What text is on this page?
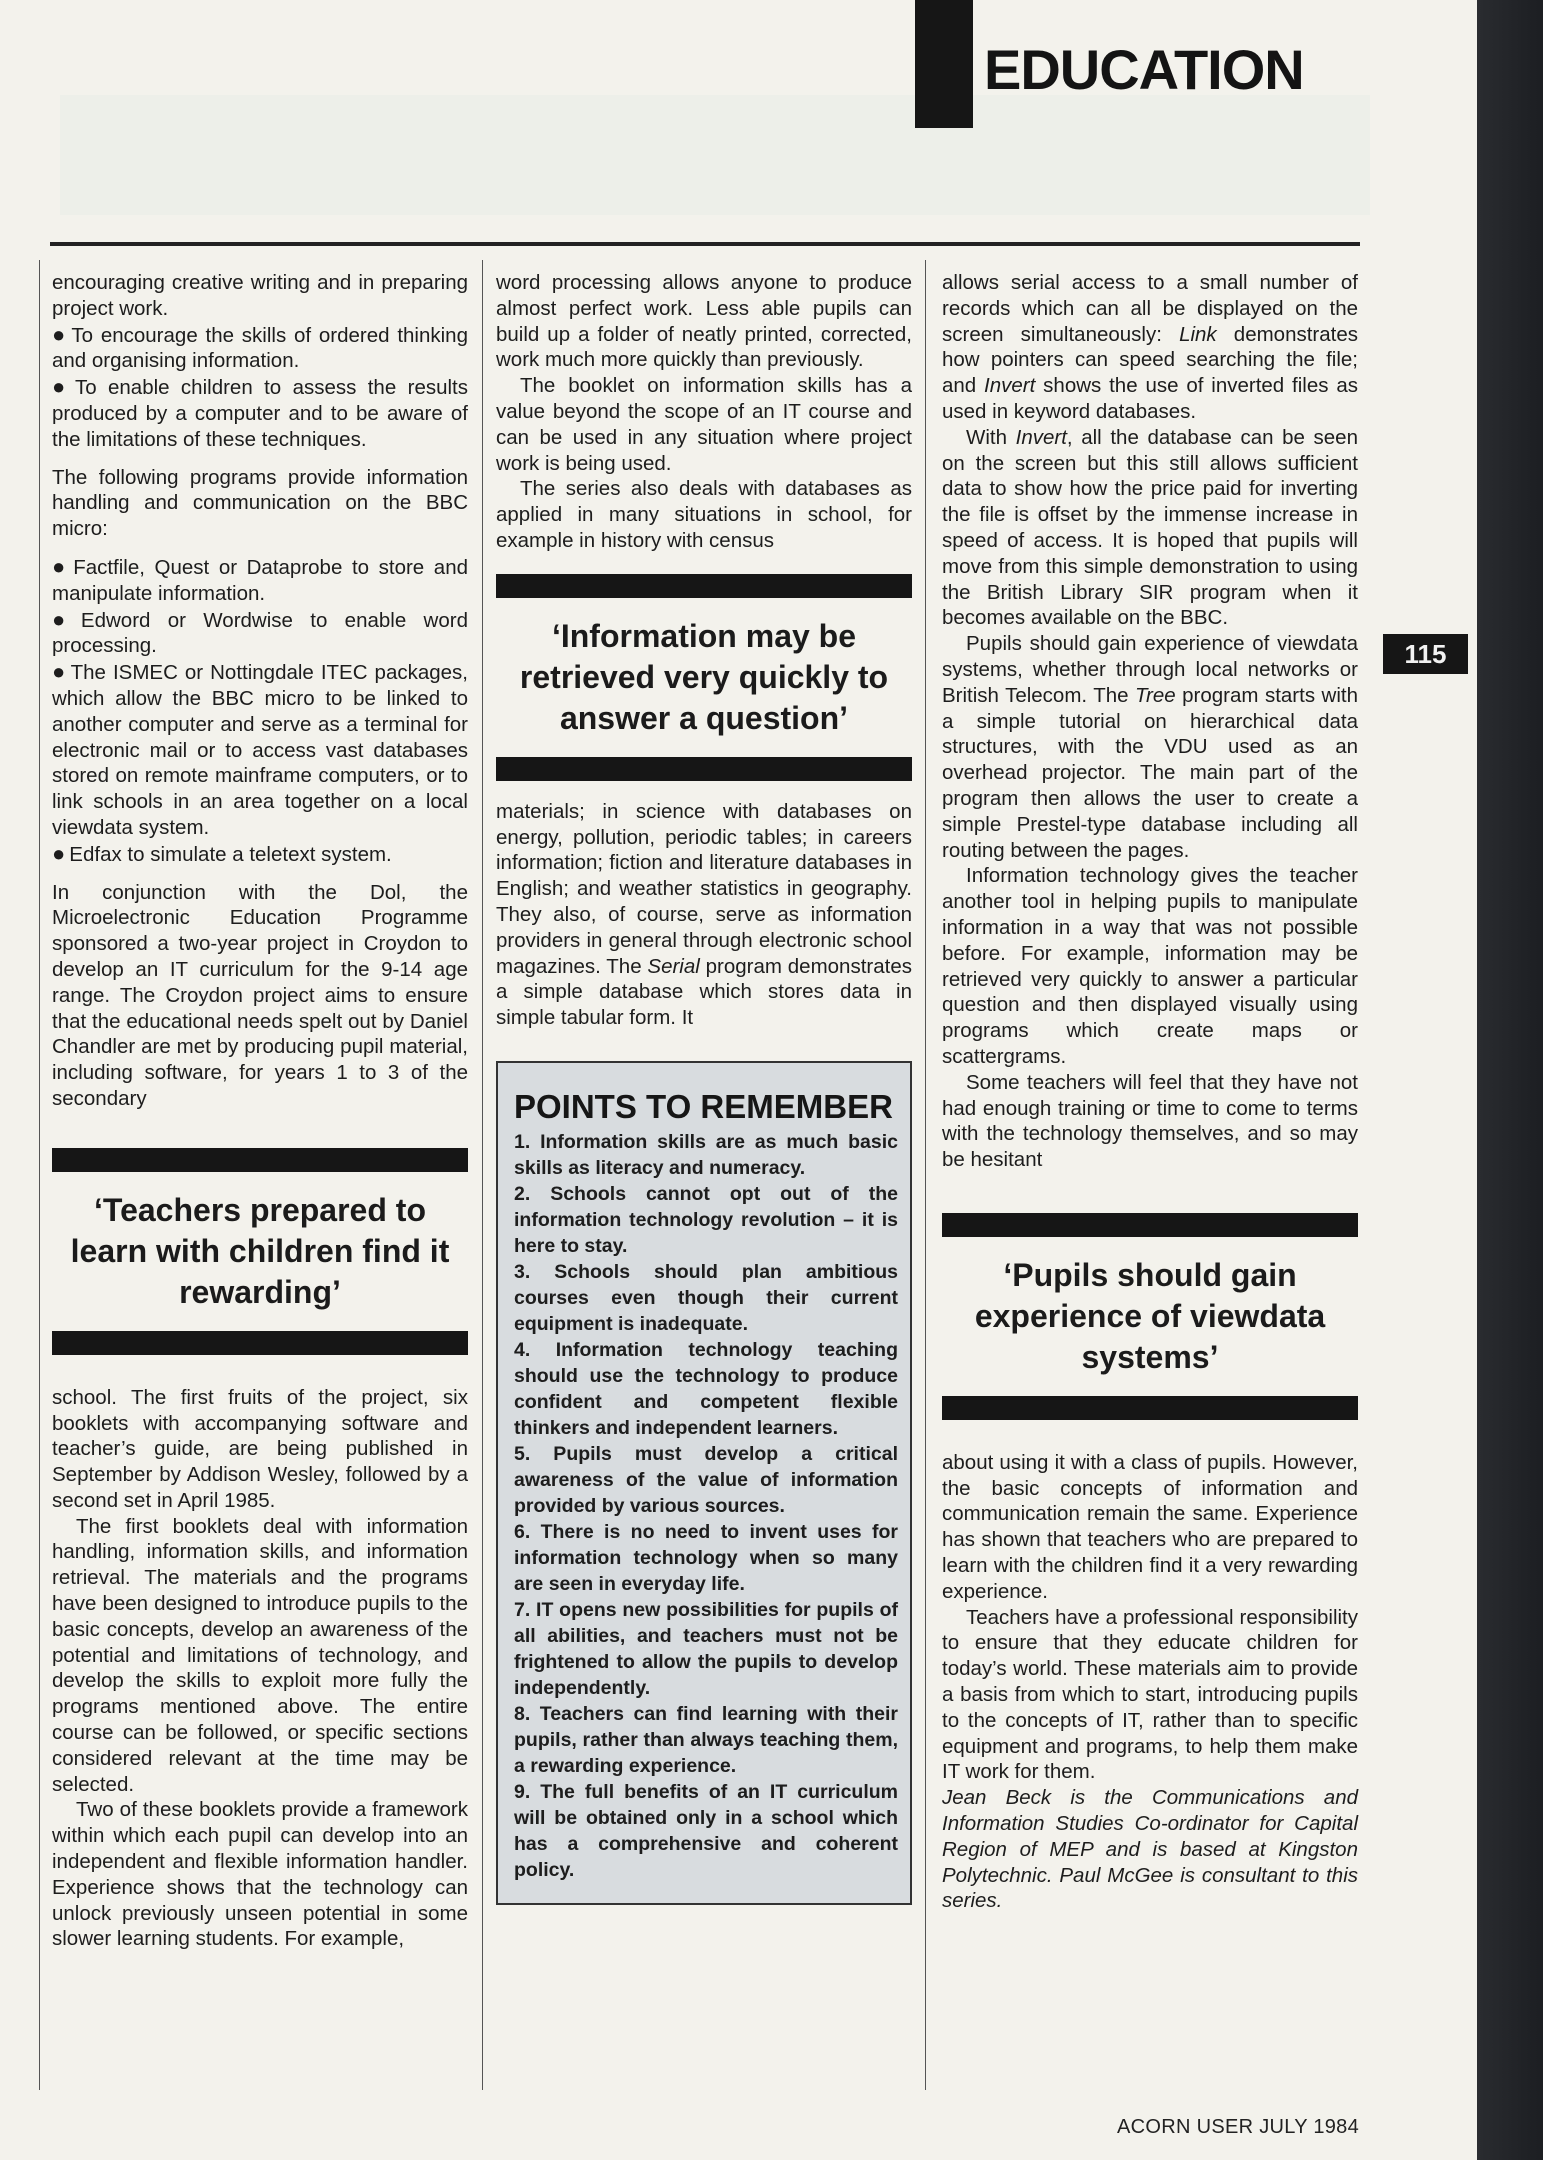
EDUCATION

encouraging creative writing and in preparing project work.

● To encourage the skills of ordered thinking and organising information.

● To enable children to assess the results produced by a computer and to be aware of the limitations of these techniques.

The following programs provide information handling and communication on the BBC micro:

● Factfile, Quest or Dataprobe to store and manipulate information.

● Edword or Wordwise to enable word processing.

● The ISMEC or Nottingdale ITEC packages, which allow the BBC micro to be linked to another computer and serve as a terminal for electronic mail or to access vast databases stored on remote mainframe computers, or to link schools in an area together on a local viewdata system.

● Edfax to simulate a teletext system.

In conjunction with the Dol, the Microelectronic Education Programme sponsored a two-year project in Croydon to develop an IT curriculum for the 9-14 age range. The Croydon project aims to ensure that the educational needs spelt out by Daniel Chandler are met by producing pupil material, including software, for years 1 to 3 of the secondary

‘Teachers prepared to learn with children find it rewarding’

school. The first fruits of the project, six booklets with accompanying software and teacher’s guide, are being published in September by Addison Wesley, followed by a second set in April 1985.

The first booklets deal with information handling, information skills, and information retrieval. The materials and the programs have been designed to introduce pupils to the basic concepts, develop an awareness of the potential and limitations of technology, and develop the skills to exploit more fully the programs mentioned above. The entire course can be followed, or specific sections considered relevant at the time may be selected.

Two of these booklets provide a framework within which each pupil can develop into an independent and flexible information handler. Experience shows that the technology can unlock previously unseen potential in some slower learning students. For example,

word processing allows anyone to produce almost perfect work. Less able pupils can build up a folder of neatly printed, corrected, work much more quickly than previously.

The booklet on information skills has a value beyond the scope of an IT course and can be used in any situation where project work is being used.

The series also deals with databases as applied in many situations in school, for example in history with census

‘Information may be retrieved very quickly to answer a question’

materials; in science with databases on energy, pollution, periodic tables; in careers information; fiction and literature databases in English; and weather statistics in geography. They also, of course, serve as information providers in general through electronic school magazines. The Serial program demonstrates a simple database which stores data in simple tabular form. It

POINTS TO REMEMBER

1. Information skills are as much basic skills as literacy and numeracy.

2. Schools cannot opt out of the information technology revolution – it is here to stay.

3. Schools should plan ambitious courses even though their current equipment is inadequate.

4. Information technology teaching should use the technology to produce confident and competent flexible thinkers and independent learners.

5. Pupils must develop a critical awareness of the value of information provided by various sources.

6. There is no need to invent uses for information technology when so many are seen in everyday life.

7. IT opens new possibilities for pupils of all abilities, and teachers must not be frightened to allow the pupils to develop independently.

8. Teachers can find learning with their pupils, rather than always teaching them, a rewarding experience.

9. The full benefits of an IT curriculum will be obtained only in a school which has a comprehensive and coherent policy.

allows serial access to a small number of records which can all be displayed on the screen simultaneously: Link demonstrates how pointers can speed searching the file; and Invert shows the use of inverted files as used in keyword databases.

With Invert, all the database can be seen on the screen but this still allows sufficient data to show how the price paid for inverting the file is offset by the immense increase in speed of access. It is hoped that pupils will move from this simple demonstration to using the British Library SIR program when it becomes available on the BBC.

Pupils should gain experience of viewdata systems, whether through local networks or British Telecom. The Tree program starts with a simple tutorial on hierarchical data structures, with the VDU used as an overhead projector. The main part of the program then allows the user to create a simple Prestel-type database including all routing between the pages.

Information technology gives the teacher another tool in helping pupils to manipulate information in a way that was not possible before. For example, information may be retrieved very quickly to answer a particular question and then displayed visually using programs which create maps or scattergrams.

Some teachers will feel that they have not had enough training or time to come to terms with the technology themselves, and so may be hesitant

‘Pupils should gain experience of viewdata systems’

about using it with a class of pupils. However, the basic concepts of information and communication remain the same. Experience has shown that teachers who are prepared to learn with the children find it a very rewarding experience.

Teachers have a professional responsibility to ensure that they educate children for today’s world. These materials aim to provide a basis from which to start, introducing pupils to the concepts of IT, rather than to specific equipment and programs, to help them make IT work for them.

Jean Beck is the Communications and Information Studies Co-ordinator for Capital Region of MEP and is based at Kingston Polytechnic. Paul McGee is consultant to this series.

115
ACORN USER JULY 1984
